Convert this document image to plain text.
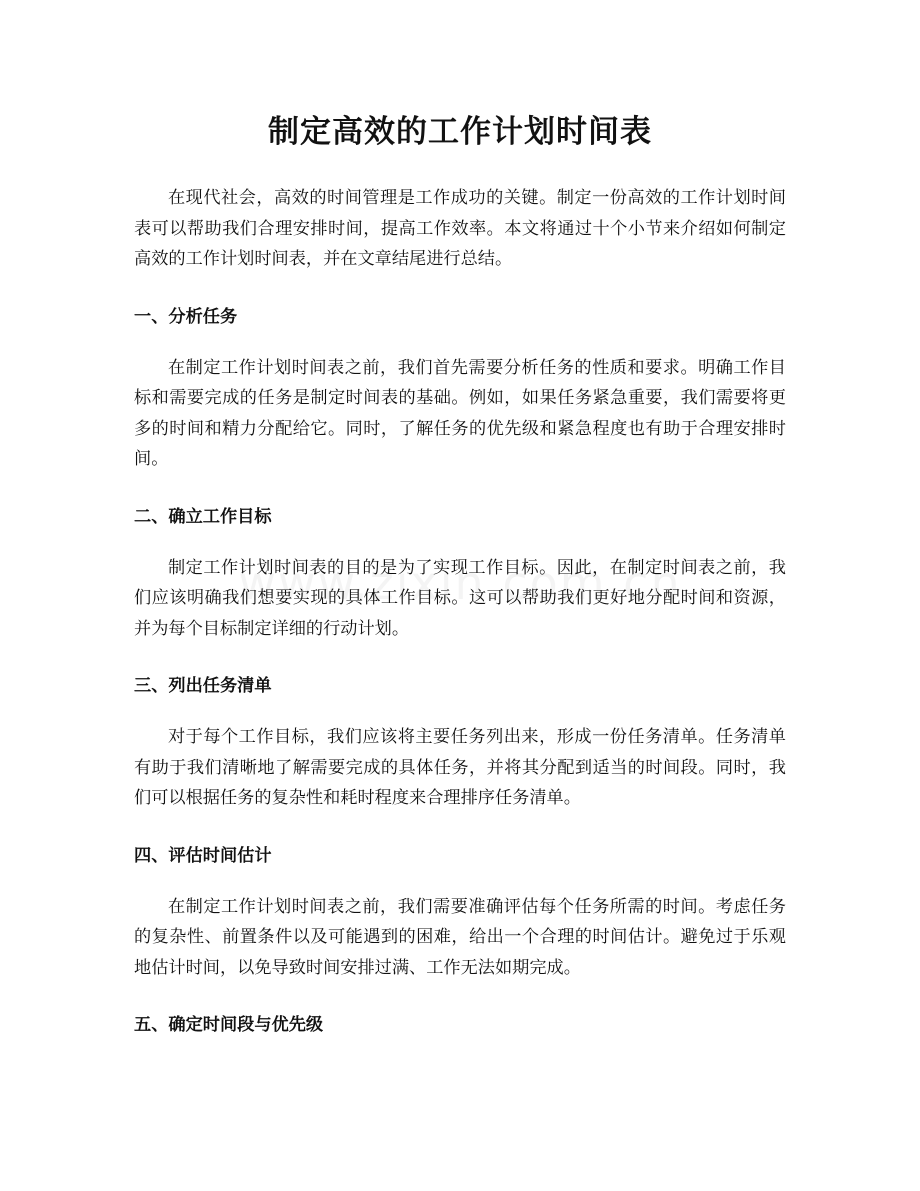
制定高效的工作计划时间表

在现代社会，高效的时间管理是工作成功的关键。制定一份高效的工作计划时间表可以帮助我们合理安排时间，提高工作效率。本文将通过十个小节来介绍如何制定高效的工作计划时间表，并在文章结尾进行总结。

一、分析任务

在制定工作计划时间表之前，我们首先需要分析任务的性质和要求。明确工作目标和需要完成的任务是制定时间表的基础。例如，如果任务紧急重要，我们需要将更多的时间和精力分配给它。同时，了解任务的优先级和紧急程度也有助于合理安排时间。

二、确立工作目标

制定工作计划时间表的目的是为了实现工作目标。因此，在制定时间表之前，我们应该明确我们想要实现的具体工作目标。这可以帮助我们更好地分配时间和资源，并为每个目标制定详细的行动计划。

三、列出任务清单

对于每个工作目标，我们应该将主要任务列出来，形成一份任务清单。任务清单有助于我们清晰地了解需要完成的具体任务，并将其分配到适当的时间段。同时，我们可以根据任务的复杂性和耗时程度来合理排序任务清单。

四、评估时间估计

在制定工作计划时间表之前，我们需要准确评估每个任务所需的时间。考虑任务的复杂性、前置条件以及可能遇到的困难，给出一个合理的时间估计。避免过于乐观地估计时间，以免导致时间安排过满、工作无法如期完成。

五、确定时间段与优先级
